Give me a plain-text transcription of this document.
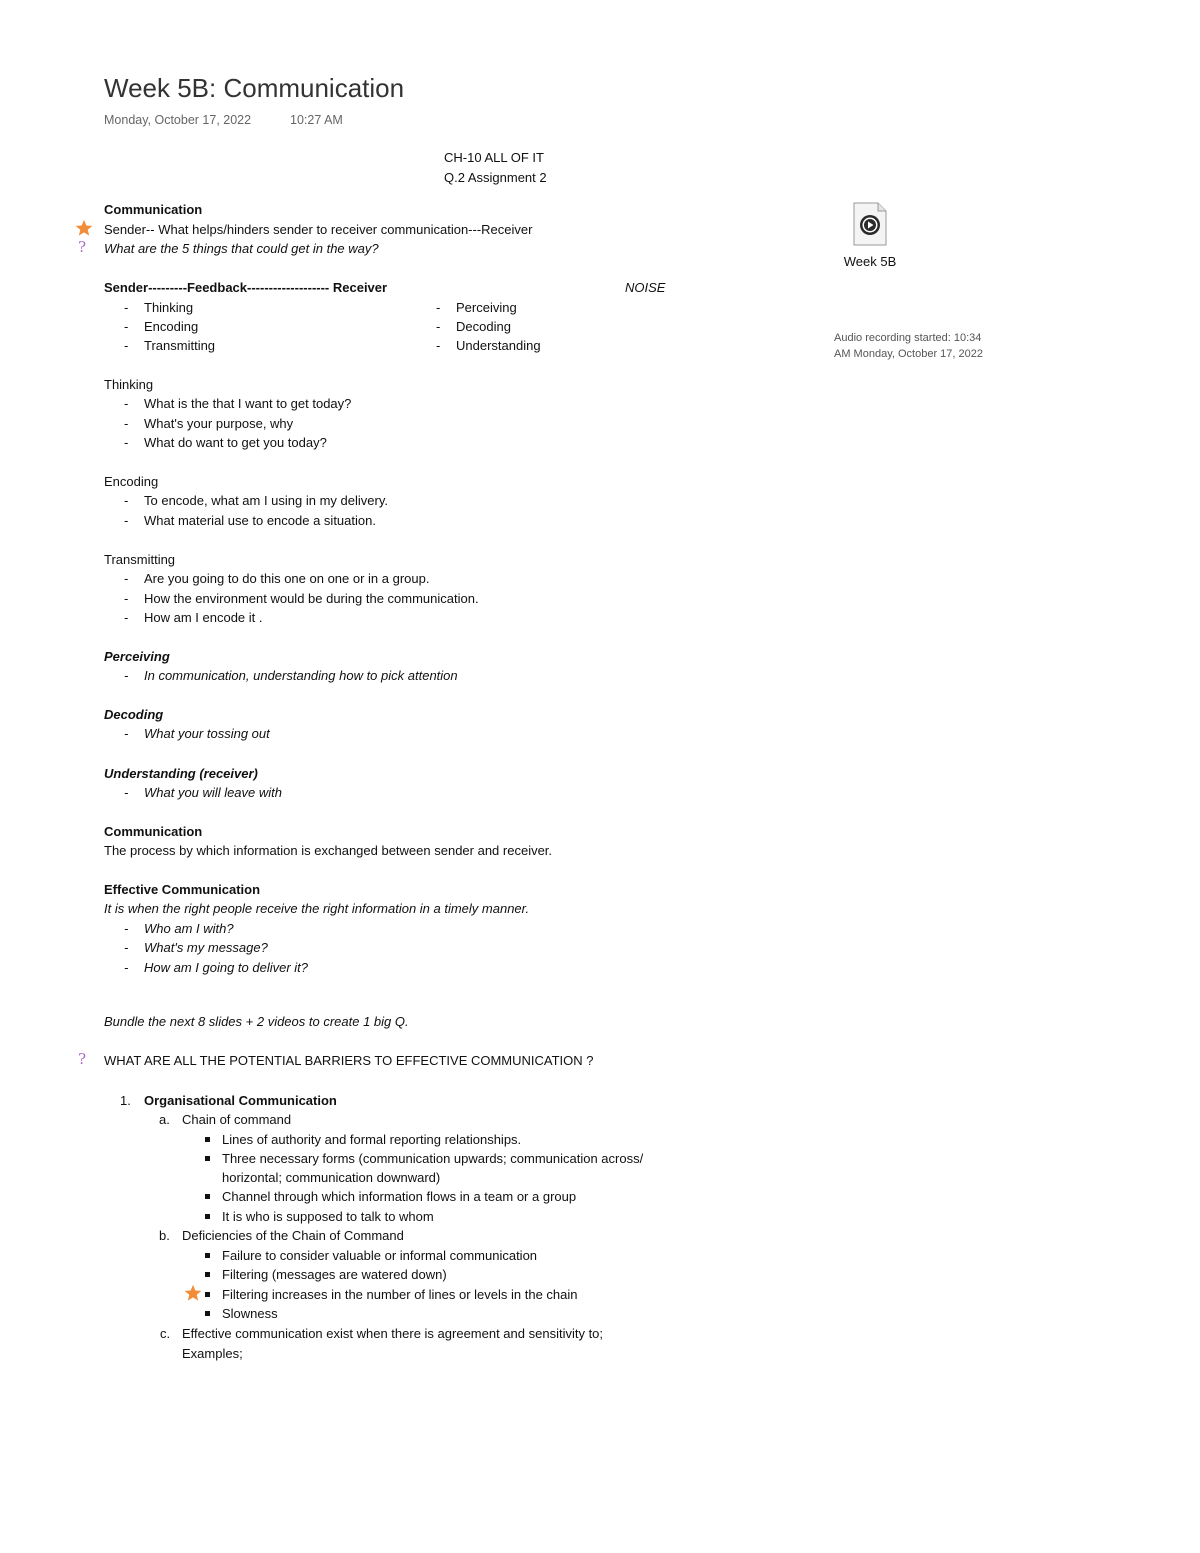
Week 5B: Communication
Monday, October 17, 2022	10:27 AM
CH-10 ALL OF IT
Q.2 Assignment 2
Week 5B
Audio recording started: 10:34 AM Monday, October 17, 2022
Communication
Sender-- What helps/hinders sender to receiver communication---Receiver
? What are the 5 things that could get in the way?
Sender---------Feedback------------------- Receiver	NOISE
- Thinking
- Encoding
- Transmitting
- Perceiving
- Decoding
- Understanding
Thinking
- What is the that I want to get today?
- What's your purpose, why
- What do want to get you today?
Encoding
- To encode, what am I using in my delivery.
- What material use to encode a situation.
Transmitting
- Are you going to do this one on one or in a group.
- How the environment would be during the communication.
- How am I encode it .
Perceiving
- In communication, understanding how to pick attention
Decoding
- What your tossing out
Understanding (receiver)
- What you will leave with
Communication
The process by which information is exchanged between sender and receiver.
Effective Communication
It is when the right people receive the right information in a timely manner.
- Who am I with?
- What's my message?
- How am I going to deliver it?
Bundle the next 8 slides + 2 videos to create 1 big Q.
? WHAT ARE ALL THE POTENTIAL BARRIERS TO EFFECTIVE COMMUNICATION ?
1. Organisational Communication
a. Chain of command
Lines of authority and formal reporting relationships.
Three necessary forms (communication upwards; communication across/
horizontal; communication downward)
Channel through which information flows in a team or a group
It is who is supposed to talk to whom
b. Deficiencies of the Chain of Command
Failure to consider valuable or informal communication
Filtering (messages are watered down)
Filtering increases in the number of lines or levels in the chain
Slowness
c. Effective communication exist when there is agreement and sensitivity to;
Examples;
